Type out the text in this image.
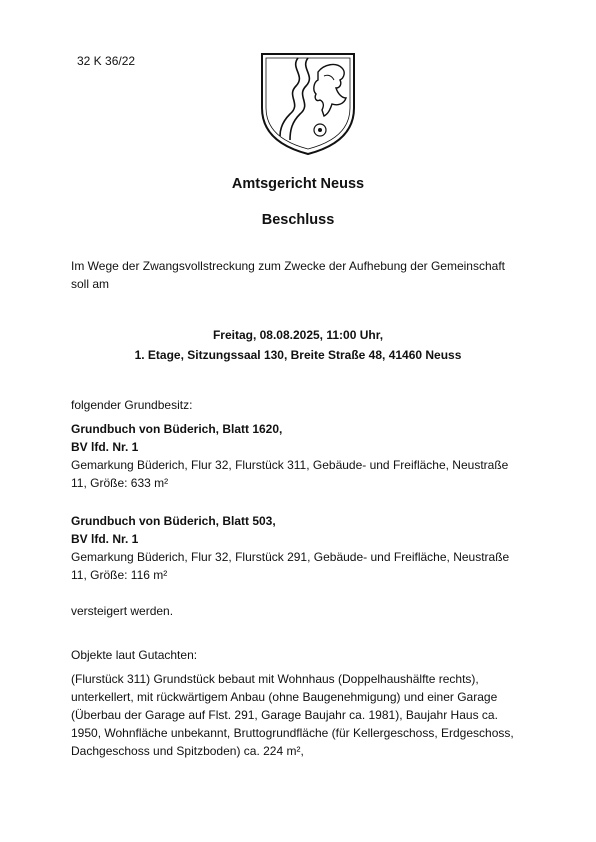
32 K 36/22
Amtsgericht Neuss
Beschluss

Im Wege der Zwangsvollstreckung zum Zwecke der Aufhebung der Gemeinschaft

soll am

Freitag, 08.08.2025, 11:00 Uhr,

1. Etage, Sitzungssaal 130, Breite Straße 48, 41460 Neuss

folgender Grundbesitz:

Grundbuch von Büderich, Blatt 1620,

BV lfd. Nr. 1

Gemarkung Büderich, Flur 32, Flurstück 311, Gebäude- und Freifläche, Neustraße

11, Größe: 633 m²

Grundbuch von Büderich, Blatt 503,

BV lfd. Nr. 1

Gemarkung Büderich, Flur 32, Flurstück 291, Gebäude- und Freifläche, Neustraße

11, Größe: 116 m²

versteigert werden.
Objekte laut Gutachten:

(Flurstück 311) Grundstück bebaut mit Wohnhaus (Doppelhaushälfte rechts),

unterkellert, mit rückwärtigem Anbau (ohne Baugenehmigung) und einer Garage

(Überbau der Garage auf Flst. 291, Garage Baujahr ca. 1981), Baujahr Haus ca.

1950, Wohnfläche unbekannt, Bruttogrundfläche (für Kellergeschoss, Erdgeschoss,

Dachgeschoss und Spitzboden) ca. 224 m²,
